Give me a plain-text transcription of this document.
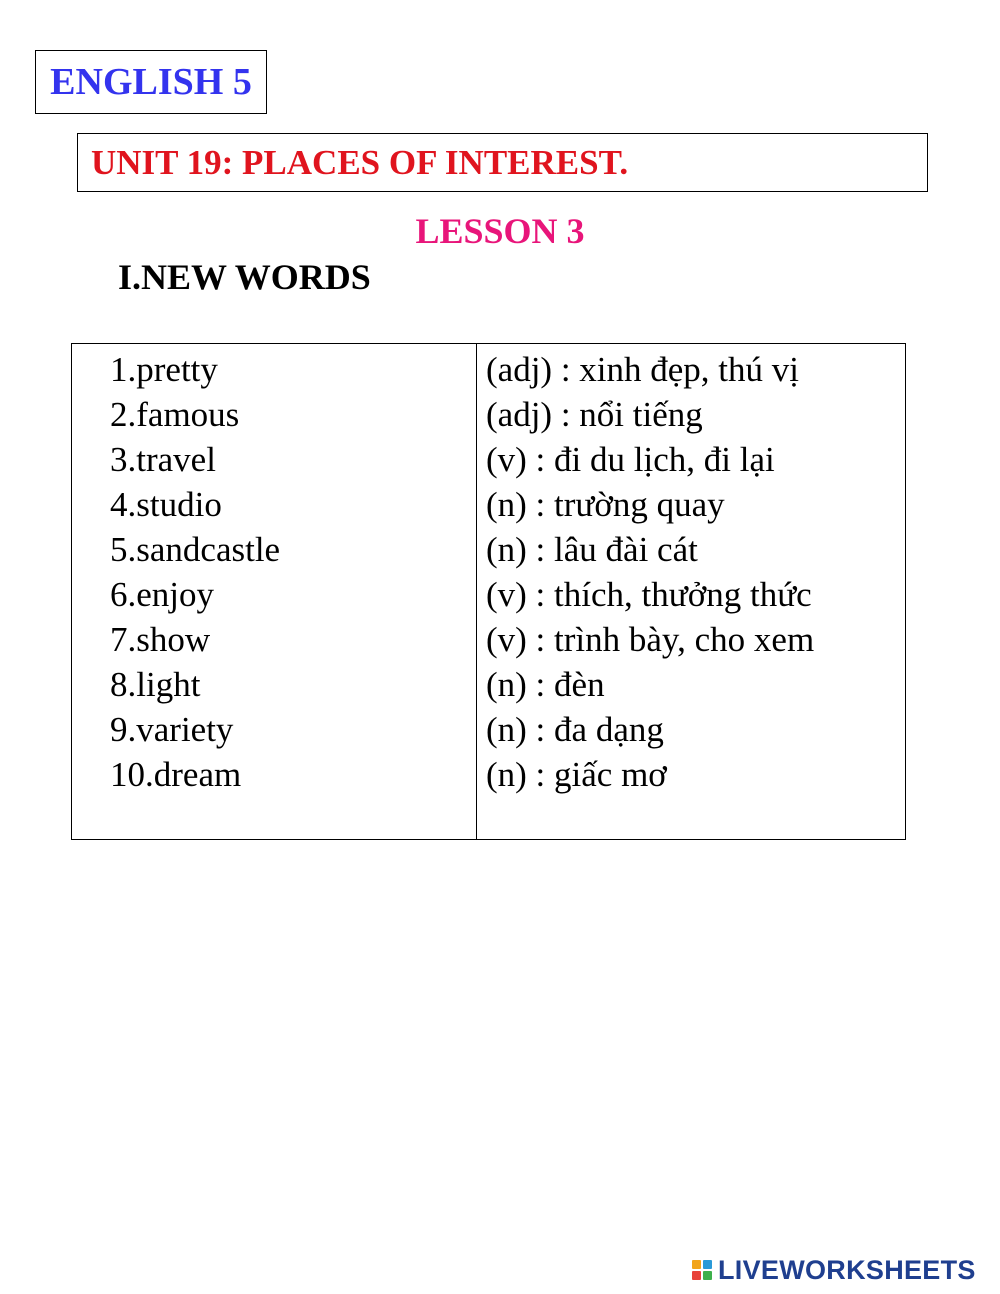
ENGLISH 5
UNIT 19: PLACES OF INTEREST.
LESSON 3
I.NEW WORDS
1.pretty
2.famous
3.travel
4.studio
5.sandcastle
6.enjoy
7.show
8.light
9.variety
10.dream
(adj) : xinh đẹp, thú vị
(adj) : nổi tiếng
(v) : đi du lịch, đi lại
(n) : trường quay
(n) : lâu đài cát
(v) : thích, thưởng thức
(v) : trình bày, cho xem
(n) : đèn
(n) : đa dạng
(n) : giấc mơ
LIVEWORKSHEETS
